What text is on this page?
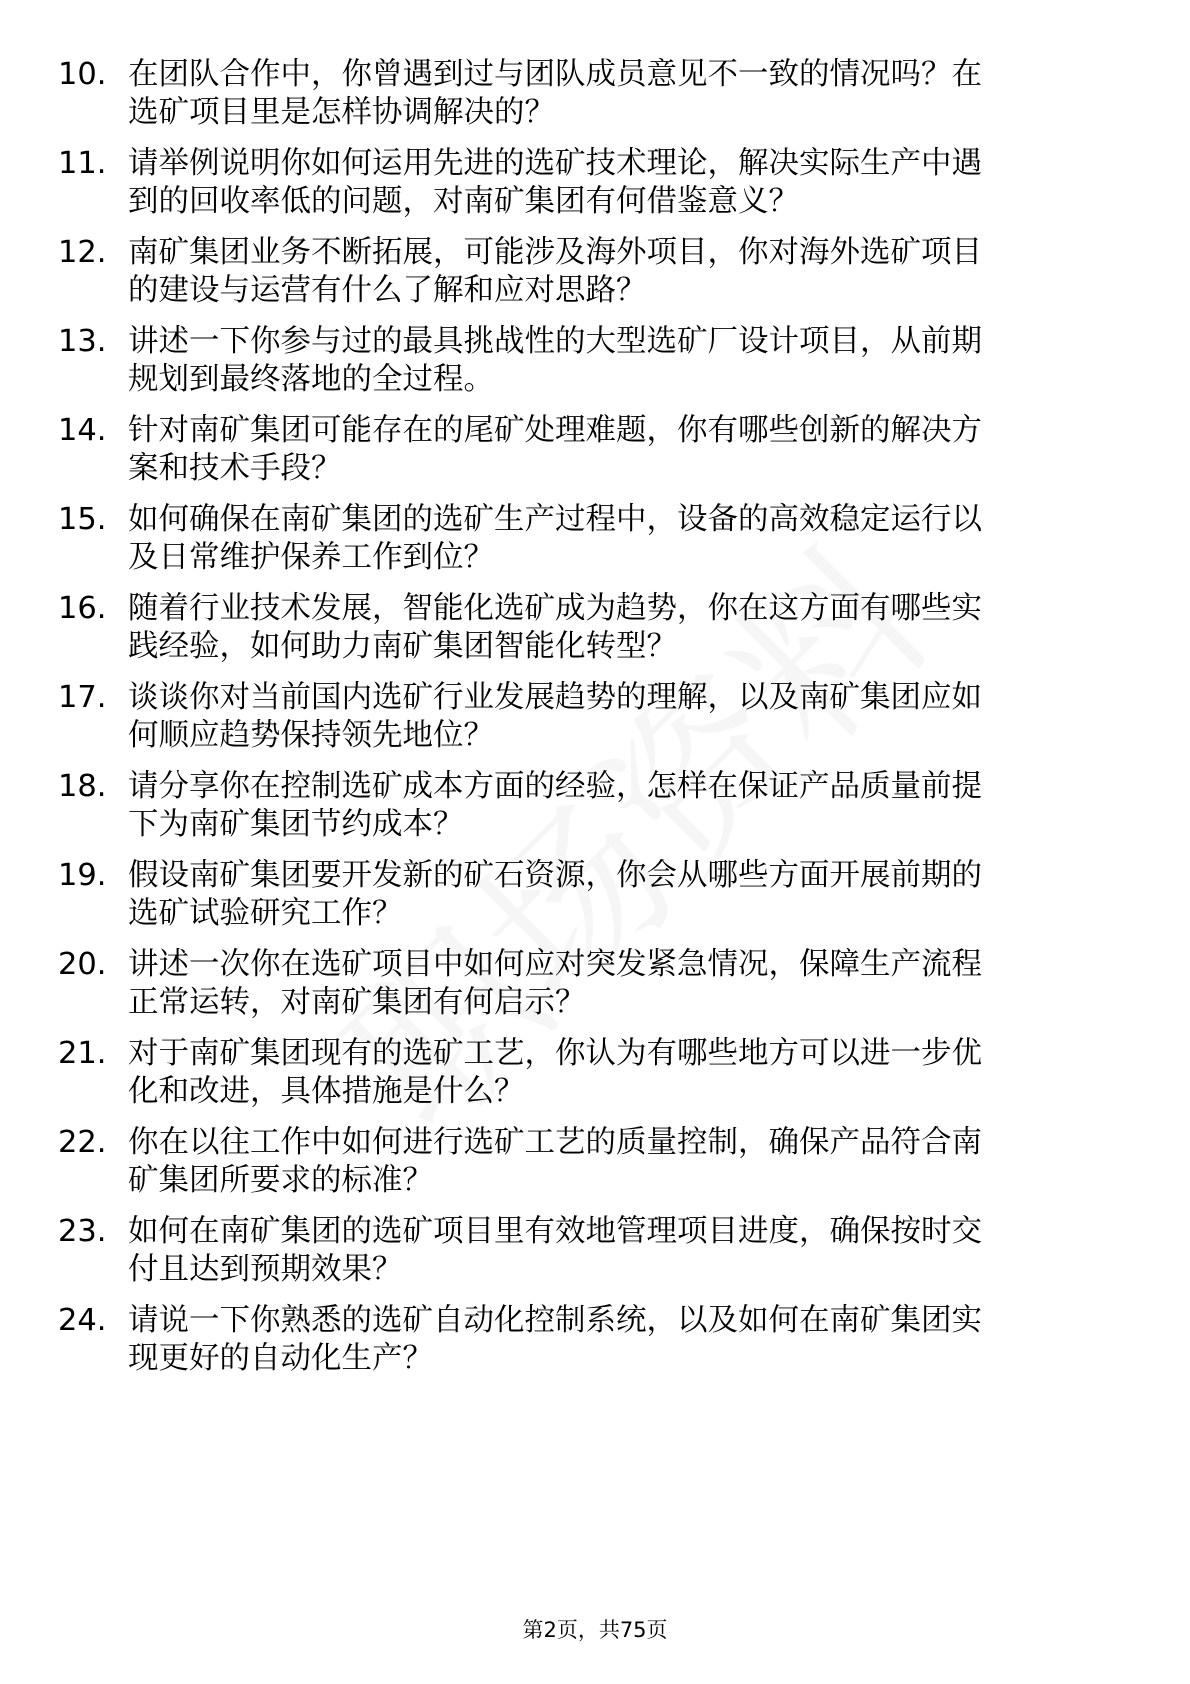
10. 在团队合作中，你曾遇到过与团队成员意见不一致的情况吗？在
选矿项目里是怎样协调解决的？
11. 请举例说明你如何运用先进的选矿技术理论，解决实际生产中遇
到的回收率低的问题，对南矿集团有何借鉴意义？
12. 南矿集团业务不断拓展，可能涉及海外项目，你对海外选矿项目
的建设与运营有什么了解和应对思路？
13. 讲述一下你参与过的最具挑战性的大型选矿厂设计项目，从前期
规划到最终落地的全过程。
14. 针对南矿集团可能存在的尾矿处理难题，你有哪些创新的解决方
案和技术手段？
15. 如何确保在南矿集团的选矿生产过程中，设备的高效稳定运行以
及日常维护保养工作到位？
16. 随着行业技术发展，智能化选矿成为趋势，你在这方面有哪些实
践经验，如何助力南矿集团智能化转型？
17. 谈谈你对当前国内选矿行业发展趋势的理解，以及南矿集团应如
何顺应趋势保持领先地位？
18. 请分享你在控制选矿成本方面的经验，怎样在保证产品质量前提
下为南矿集团节约成本？
19. 假设南矿集团要开发新的矿石资源，你会从哪些方面开展前期的
选矿试验研究工作？
20. 讲述一次你在选矿项目中如何应对突发紧急情况，保障生产流程
正常运转，对南矿集团有何启示？
21. 对于南矿集团现有的选矿工艺，你认为有哪些地方可以进一步优
化和改进，具体措施是什么？
22. 你在以往工作中如何进行选矿工艺的质量控制，确保产品符合南
矿集团所要求的标准？
23. 如何在南矿集团的选矿项目里有效地管理项目进度，确保按时交
付且达到预期效果？
24. 请说一下你熟悉的选矿自动化控制系统，以及如何在南矿集团实
现更好的自动化生产？
第2页，共75页
